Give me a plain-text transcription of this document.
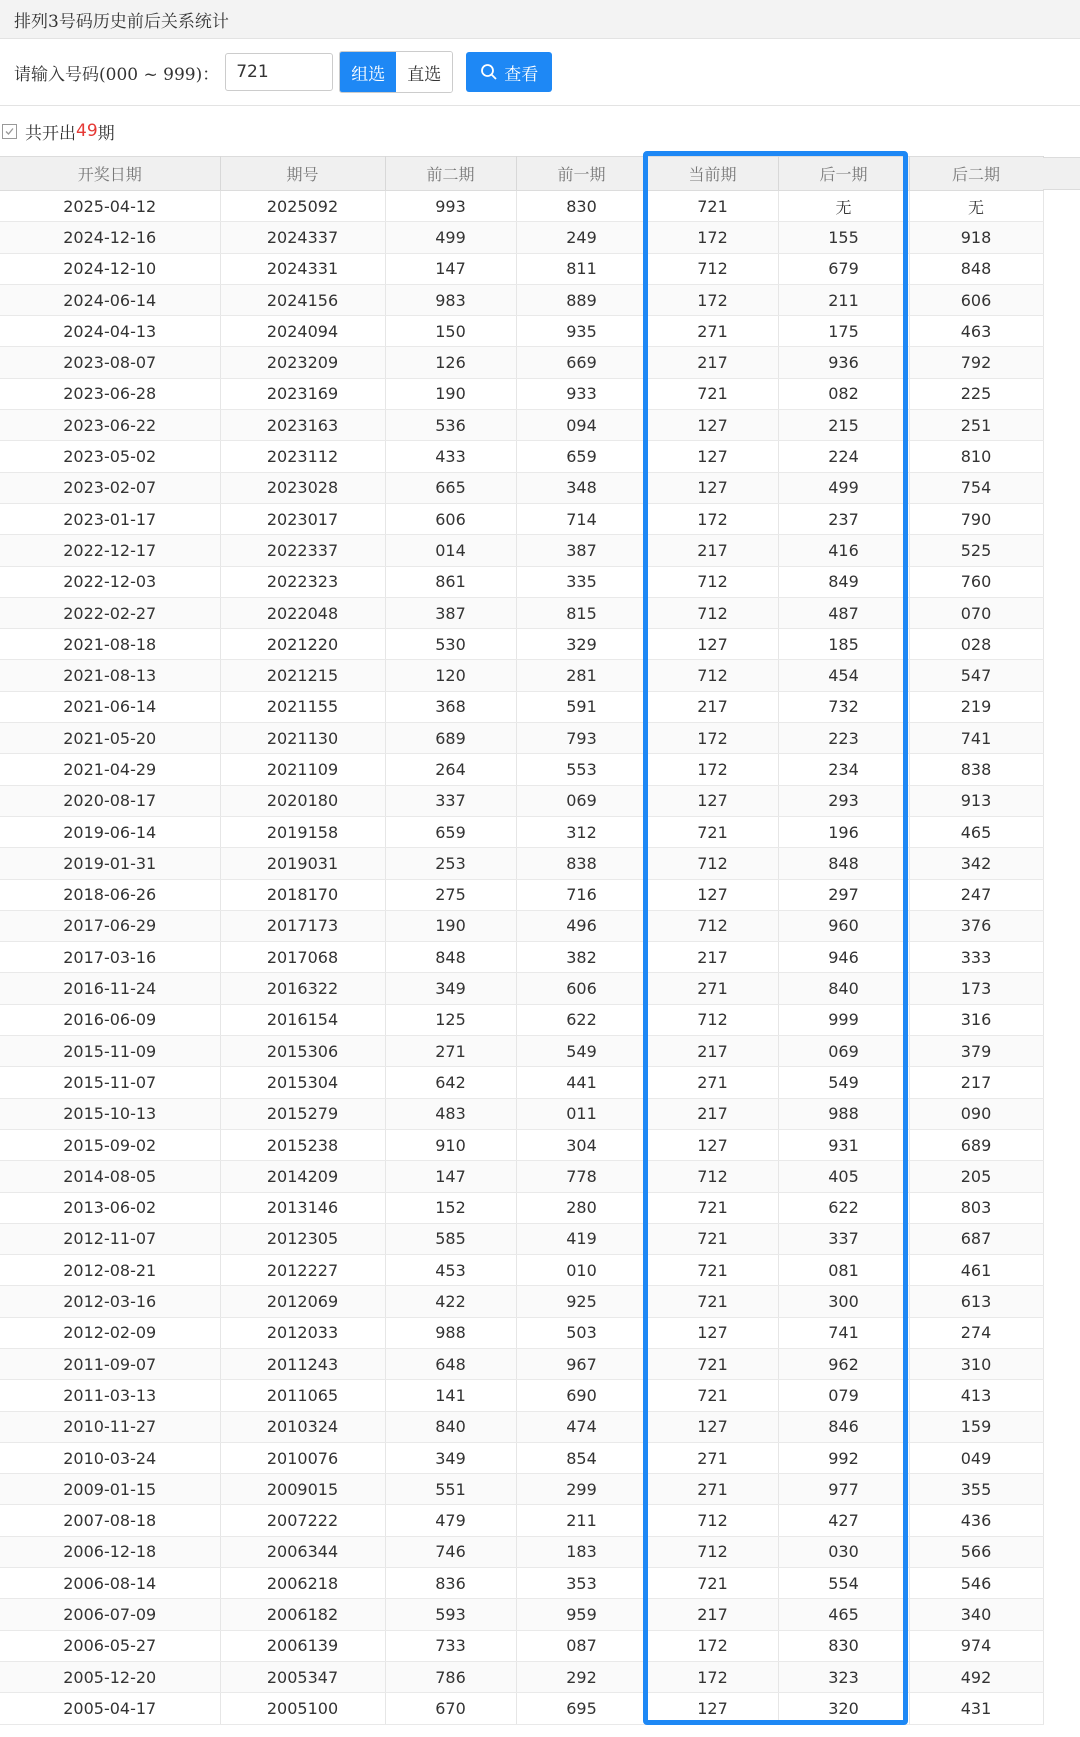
排列3号码历史前后关系统计
请输入号码(000 ~ 999)：
721	组选	直选	查看
共开出 49 期
开奖日期	期号	前二期	前一期	当前期	后一期	后二期
2025-04-12	2025092	993	830	721	无	无
2024-12-16	2024337	499	249	172	155	918
2024-12-10	2024331	147	811	712	679	848
2024-06-14	2024156	983	889	172	211	606
2024-04-13	2024094	150	935	271	175	463
2023-08-07	2023209	126	669	217	936	792
2023-06-28	2023169	190	933	721	082	225
2023-06-22	2023163	536	094	127	215	251
2023-05-02	2023112	433	659	127	224	810
2023-02-07	2023028	665	348	127	499	754
2023-01-17	2023017	606	714	172	237	790
2022-12-17	2022337	014	387	217	416	525
2022-12-03	2022323	861	335	712	849	760
2022-02-27	2022048	387	815	712	487	070
2021-08-18	2021220	530	329	127	185	028
2021-08-13	2021215	120	281	712	454	547
2021-06-14	2021155	368	591	217	732	219
2021-05-20	2021130	689	793	172	223	741
2021-04-29	2021109	264	553	172	234	838
2020-08-17	2020180	337	069	127	293	913
2019-06-14	2019158	659	312	721	196	465
2019-01-31	2019031	253	838	712	848	342
2018-06-26	2018170	275	716	127	297	247
2017-06-29	2017173	190	496	712	960	376
2017-03-16	2017068	848	382	217	946	333
2016-11-24	2016322	349	606	271	840	173
2016-06-09	2016154	125	622	712	999	316
2015-11-09	2015306	271	549	217	069	379
2015-11-07	2015304	642	441	271	549	217
2015-10-13	2015279	483	011	217	988	090
2015-09-02	2015238	910	304	127	931	689
2014-08-05	2014209	147	778	712	405	205
2013-06-02	2013146	152	280	721	622	803
2012-11-07	2012305	585	419	721	337	687
2012-08-21	2012227	453	010	721	081	461
2012-03-16	2012069	422	925	721	300	613
2012-02-09	2012033	988	503	127	741	274
2011-09-07	2011243	648	967	721	962	310
2011-03-13	2011065	141	690	721	079	413
2010-11-27	2010324	840	474	127	846	159
2010-03-24	2010076	349	854	271	992	049
2009-01-15	2009015	551	299	271	977	355
2007-08-18	2007222	479	211	712	427	436
2006-12-18	2006344	746	183	712	030	566
2006-08-14	2006218	836	353	721	554	546
2006-07-09	2006182	593	959	217	465	340
2006-05-27	2006139	733	087	172	830	974
2005-12-20	2005347	786	292	172	323	492
2005-04-17	2005100	670	695	127	320	431
